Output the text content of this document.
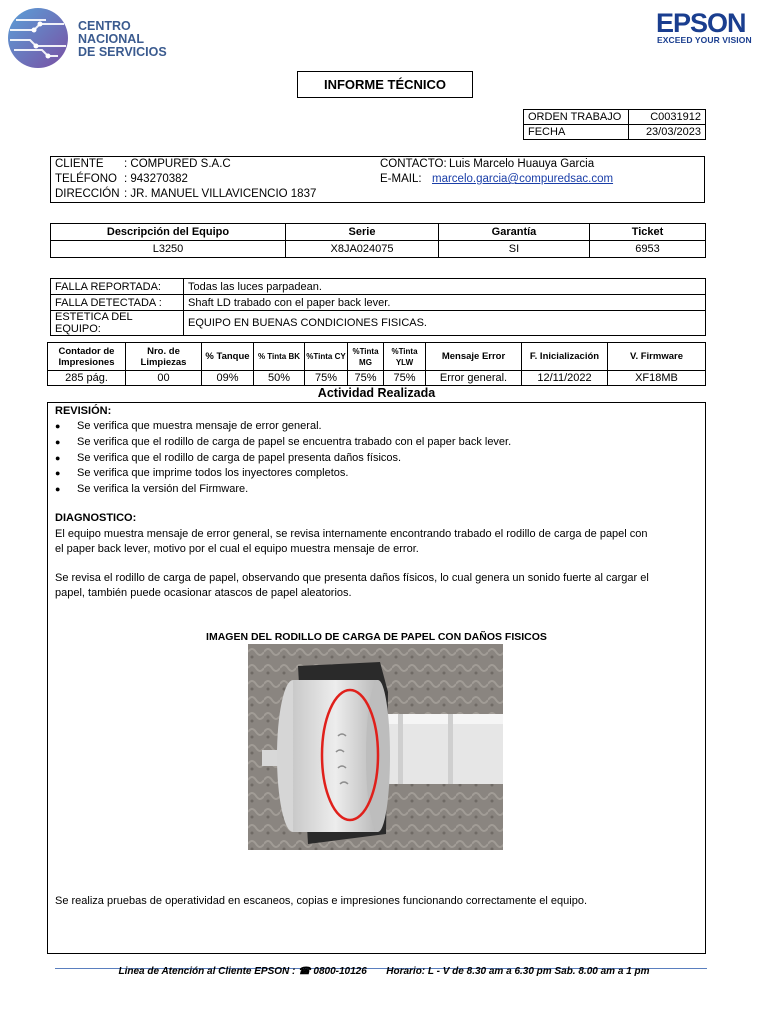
CENTRO
NACIONAL
DE SERVICIOS
EPSON
EXCEED YOUR VISION
INFORME TÉCNICO
ORDEN TRABAJO	C0031912
FECHA	23/03/2023
CLIENTE : COMPURED S.A.C	CONTACTO: Luis Marcelo Huauya Garcia
TELÉFONO : 943270382	E-MAIL: marcelo.garcia@compuredsac.com
DIRECCIÓN : JR. MANUEL VILLAVICENCIO 1837
Descripción del Equipo	Serie	Garantía	Ticket
L3250	X8JA024075	SI	6953
FALLA REPORTADA:	Todas las luces parpadean.
FALLA DETECTADA :	Shaft LD trabado con el paper back lever.
ESTETICA DEL EQUIPO:	EQUIPO EN BUENAS CONDICIONES FISICAS.
Contador de Impresiones	Nro. de Limpiezas	% Tanque	% Tinta BK	%Tinta CY	%Tinta MG	%Tinta YLW	Mensaje Error	F. Inicialización	V. Firmware
285 pág.	00	09%	50%	75%	75%	75%	Error general.	12/11/2022	XF18MB
Actividad Realizada
REVISIÓN:
● Se verifica que muestra mensaje de error general.
● Se verifica que el rodillo de carga de papel se encuentra trabado con el paper back lever.
● Se verifica que el rodillo de carga de papel presenta daños físicos.
● Se verifica que imprime todos los inyectores completos.
● Se verifica la versión del Firmware.
DIAGNOSTICO:
El equipo muestra mensaje de error general, se revisa internamente encontrando trabado el rodillo de carga de papel con
el paper back lever, motivo por el cual el equipo muestra mensaje de error.
Se revisa el rodillo de carga de papel, observando que presenta daños físicos, lo cual genera un sonido fuerte al cargar el
papel, también puede ocasionar atascos de papel aleatorios.
IMAGEN DEL RODILLO DE CARGA DE PAPEL CON DAÑOS FISICOS
Se realiza pruebas de operatividad en escaneos, copias e impresiones funcionando correctamente el equipo.
Linea de Atención al Cliente EPSON : ☎ 0800-10126 Horario: L - V de 8.30 am a 6.30 pm Sab. 8.00 am a 1 pm
